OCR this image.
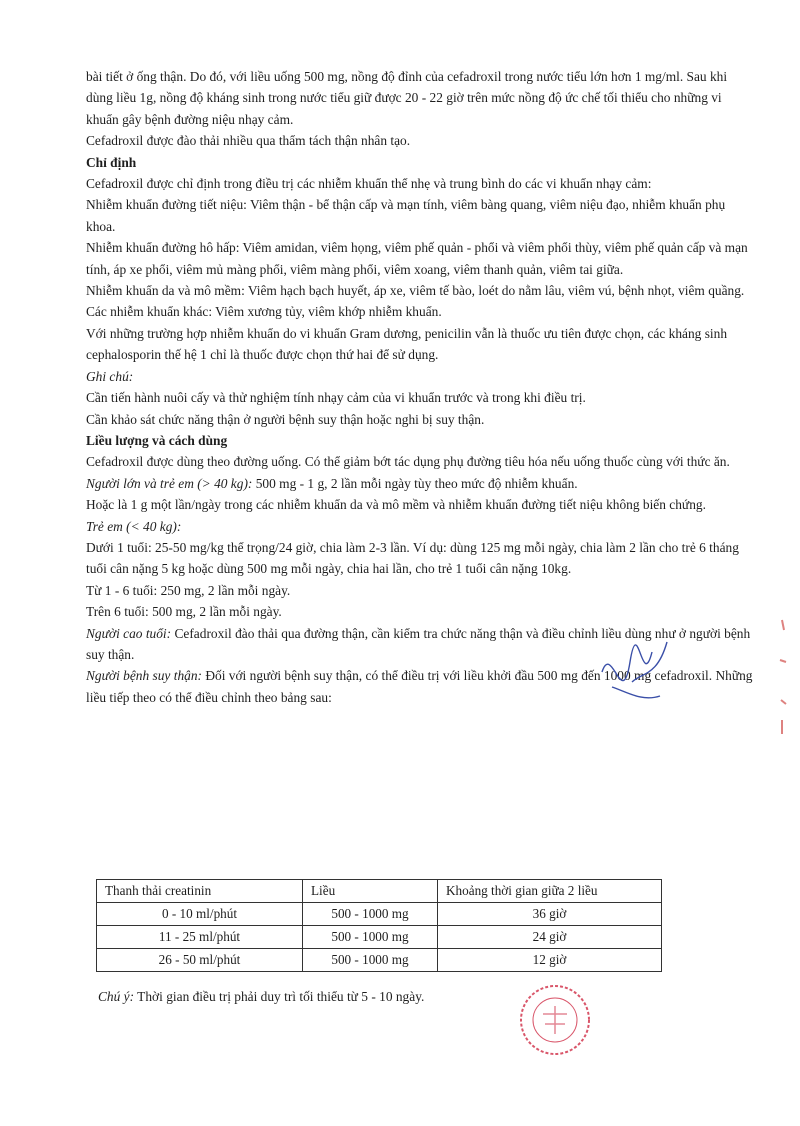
bài tiết ở ống thận. Do đó, với liều uống 500 mg, nồng độ đỉnh của cefadroxil trong nước tiểu lớn hơn 1 mg/ml. Sau khi dùng liều 1g, nồng độ kháng sinh trong nước tiểu giữ được 20 - 22 giờ trên mức nồng độ ức chế tối thiểu cho những vi khuẩn gây bệnh đường niệu nhạy cảm.

Cefadroxil được đào thải nhiều qua thẩm tách thận nhân tạo.

Chỉ định

Cefadroxil được chỉ định trong điều trị các nhiễm khuẩn thể nhẹ và trung bình do các vi khuẩn nhạy cảm:

Nhiễm khuẩn đường tiết niệu: Viêm thận - bể thận cấp và mạn tính, viêm bàng quang, viêm niệu đạo, nhiễm khuẩn phụ khoa.

Nhiễm khuẩn đường hô hấp: Viêm amidan, viêm họng, viêm phế quản - phổi và viêm phổi thùy, viêm phế quản cấp và mạn tính, áp xe phổi, viêm mủ màng phổi, viêm màng phổi, viêm xoang, viêm thanh quản, viêm tai giữa.

Nhiễm khuẩn da và mô mềm: Viêm hạch bạch huyết, áp xe, viêm tế bào, loét do nằm lâu, viêm vú, bệnh nhọt, viêm quầng.

Các nhiễm khuẩn khác: Viêm xương tủy, viêm khớp nhiễm khuẩn.

Với những trường hợp nhiễm khuẩn do vi khuẩn Gram dương, penicilin vẫn là thuốc ưu tiên được chọn, các kháng sinh cephalosporin thế hệ 1 chỉ là thuốc được chọn thứ hai để sử dụng.

Ghi chú:

Cần tiến hành nuôi cấy và thử nghiệm tính nhạy cảm của vi khuẩn trước và trong khi điều trị.

Cần khảo sát chức năng thận ở người bệnh suy thận hoặc nghi bị suy thận.

Liều lượng và cách dùng

Cefadroxil được dùng theo đường uống. Có thể giảm bớt tác dụng phụ đường tiêu hóa nếu uống thuốc cùng với thức ăn.

Người lớn và trẻ em (> 40 kg): 500 mg - 1 g, 2 lần mỗi ngày tùy theo mức độ nhiễm khuẩn.

Hoặc là 1 g một lần/ngày trong các nhiễm khuẩn da và mô mềm và nhiễm khuẩn đường tiết niệu không biến chứng.

Trẻ em (< 40 kg):

Dưới 1 tuổi: 25-50 mg/kg thể trọng/24 giờ, chia làm 2-3 lần. Ví dụ: dùng 125 mg mỗi ngày, chia làm 2 lần cho trẻ 6 tháng tuổi cân nặng 5 kg hoặc dùng 500 mg mỗi ngày, chia hai lần, cho trẻ 1 tuổi cân nặng 10kg.

Từ 1 - 6 tuổi: 250 mg, 2 lần mỗi ngày.

Trên 6 tuổi: 500 mg, 2 lần mỗi ngày.

Người cao tuổi: Cefadroxil đào thải qua đường thận, cần kiểm tra chức năng thận và điều chỉnh liều dùng như ở người bệnh suy thận.

Người bệnh suy thận: Đối với người bệnh suy thận, có thể điều trị với liều khởi đầu 500 mg đến 1000 mg cefadroxil. Những liều tiếp theo có thể điều chỉnh theo bảng sau:

Thanh thải creatinin	Liều	Khoảng thời gian giữa 2 liều
0 - 10 ml/phút	500 - 1000 mg	36 giờ
11 - 25 ml/phút	500 - 1000 mg	24 giờ
26 - 50 ml/phút	500 - 1000 mg	12 giờ

Chú ý: Thời gian điều trị phải duy trì tối thiểu từ 5 - 10 ngày.
